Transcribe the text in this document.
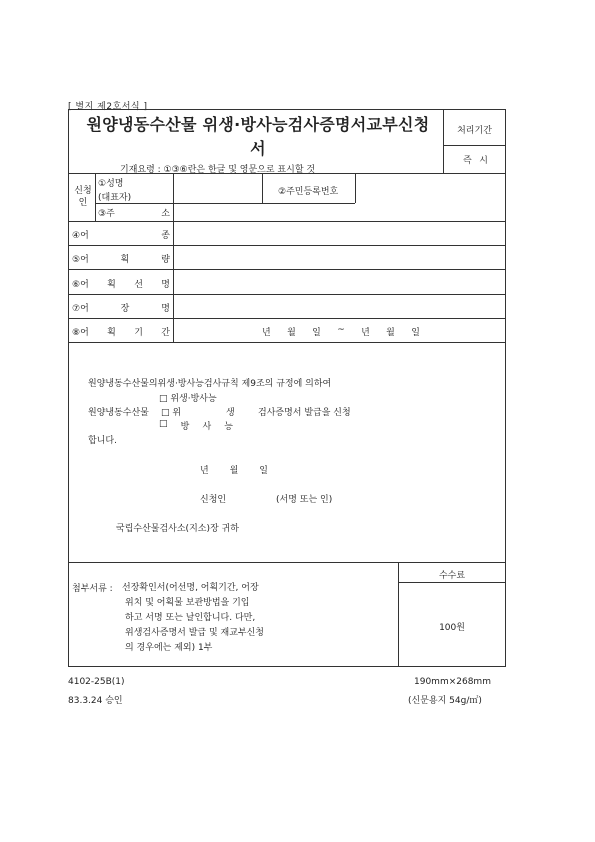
[ 별지 제2호서식 ]
원양냉동수산물 위생·방사능검사증명서교부신청
서
기재요령 : ①③⑥란은 한글 및 영문으로 표시할 것
처리기간
즉 시
신청인
①성명
(대표자)
②주민등록번호
③주	소
④어	종
⑤어	획	량
⑥어 획 선 명
⑦어	장	명
⑧어 획 기 간	년 월 일 ~ 년 월 일
원양냉동수산물의위생·방사능검사규칙 제9조의 규정에 의하여
□ 위생·방사능
원양냉동수산물 □ 위	생	검사증명서 발급을 신청
□ 방 사 능
합니다.
년 월 일
신청인	(서명 또는 인)
국립수산물검사소(지소)장 귀하
첨부서류 : 선장확인서(어선명, 어획기간, 어장
위치 및 어획물 보관방법을 기입
하고 서명 또는 날인합니다. 다만,
위생검사증명서 발급 및 재교부신청
의 경우에는 제외) 1부
수수료
100원
4102-25B(1)
83.3.24 승인
190mm×268mm
(신문용지 54g/㎡)
